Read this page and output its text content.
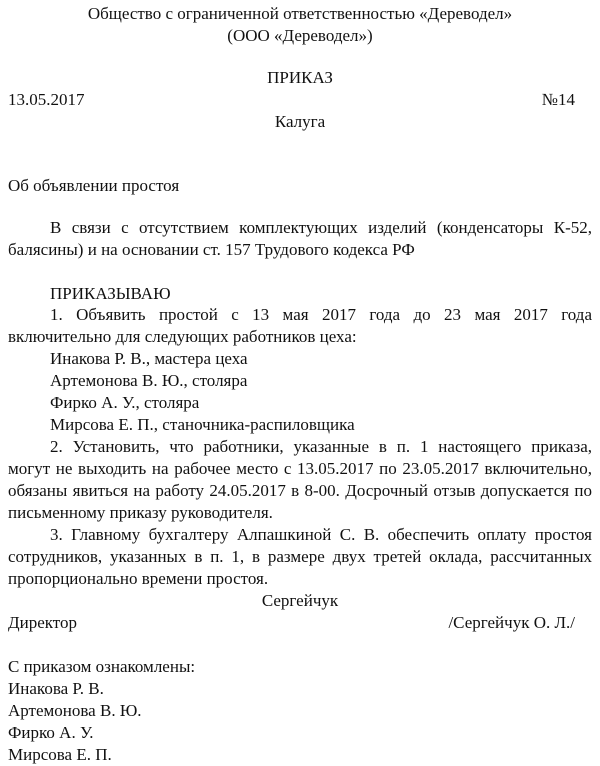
Общество с ограниченной ответственностью «Дереводел»
(ООО «Дереводел»)
ПРИКАЗ
13.05.2017	№14
Калуга
Об объявлении простоя
В связи с отсутствием комплектующих изделий (конденсаторы К-52,
балясины) и на основании ст. 157 Трудового кодекса РФ
ПРИКАЗЫВАЮ
1. Объявить простой с 13 мая 2017 года до 23 мая 2017 года
включительно для следующих работников цеха:
Инакова Р. В., мастера цеха
Артемонова В. Ю., столяра
Фирко А. У., столяра
Мирсова Е. П., станочника-распиловщика
2. Установить, что работники, указанные в п. 1 настоящего приказа,
могут не выходить на рабочее место с 13.05.2017 по 23.05.2017 включительно,
обязаны явиться на работу 24.05.2017 в 8-00. Досрочный отзыв допускается по
письменному приказу руководителя.
3. Главному бухгалтеру Алпашкиной С. В. обеспечить оплату простоя
сотрудников, указанных в п. 1, в размере двух третей оклада, рассчитанных
пропорционально времени простоя.
Сергейчук
Директор	/Сергейчук О. Л./
С приказом ознакомлены:
Инакова Р. В.
Артемонова В. Ю.
Фирко А. У.
Мирсова Е. П.
